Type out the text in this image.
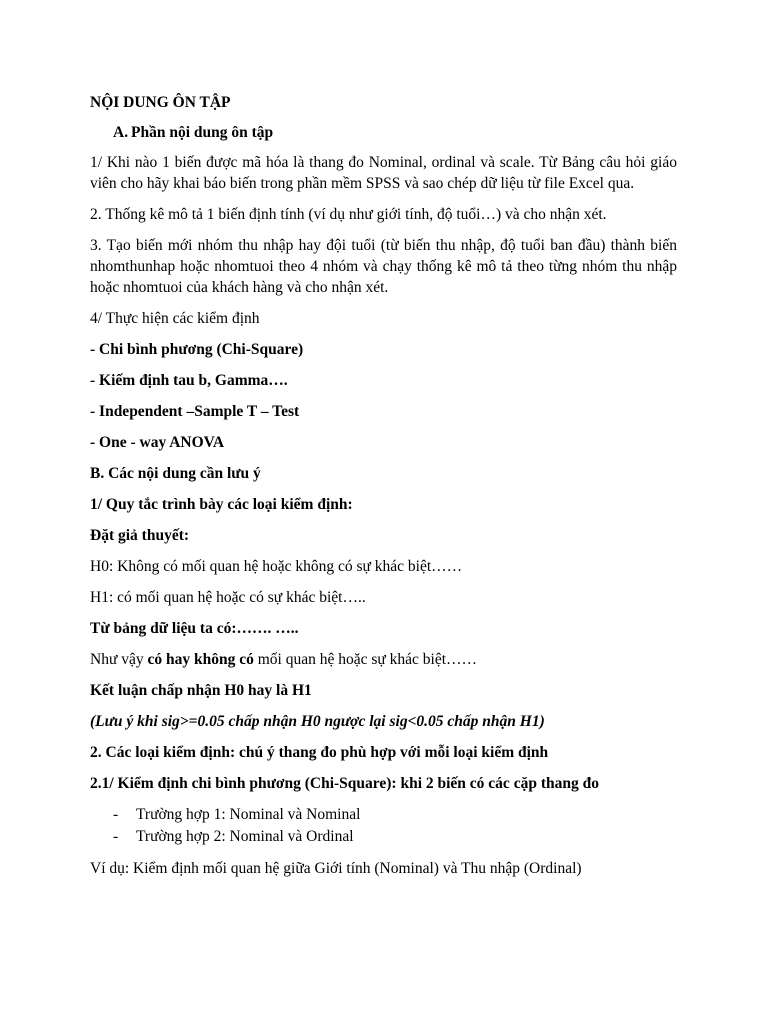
NỘI DUNG ÔN TẬP

A. Phần nội dung ôn tập

1/ Khi nào 1 biến được mã hóa là thang đo Nominal, ordinal và scale. Từ Bảng câu hỏi giáo viên cho hãy khai báo biến trong phần mềm SPSS và sao chép dữ liệu từ file Excel qua.

2. Thống kê mô tả 1 biến định tính (ví dụ như giới tính, độ tuổi…) và cho nhận xét.

3. Tạo biến mới nhóm thu nhập hay đội tuổi (từ biến thu nhập, độ tuổi ban đầu) thành biến nhomthunhap hoặc nhomtuoi theo 4 nhóm và chạy thống kê mô tả theo từng nhóm thu nhập hoặc nhomtuoi của khách hàng và cho nhận xét.

4/ Thực hiện các kiểm định

- Chi bình phương (Chi-Square)

- Kiếm định tau b, Gamma….

- Independent –Sample T – Test

- One - way ANOVA

B. Các nội dung cần lưu ý

1/ Quy tắc trình bày các loại kiểm định:

Đặt giả thuyết:

H0: Không có mối quan hệ hoặc không có sự khác biệt……

H1: có mối quan hệ hoặc có sự khác biệt…..

Từ bảng dữ liệu ta có:……. …..

Như vậy có hay không có mối quan hệ hoặc sự khác biệt……

Kết luận chấp nhận H0 hay là H1

(Lưu ý khi sig>=0.05 chấp nhận H0 ngược lại sig<0.05 chấp nhận H1)

2. Các loại kiểm định: chú ý thang đo phù hợp với mỗi loại kiểm định

2.1/ Kiểm định chi bình phương (Chi-Square): khi 2 biến có các cặp thang đo

- Trường hợp 1: Nominal và Nominal
- Trường hợp 2: Nominal và Ordinal

Ví dụ: Kiểm định mối quan hệ giữa Giới tính (Nominal) và Thu nhập (Ordinal)
